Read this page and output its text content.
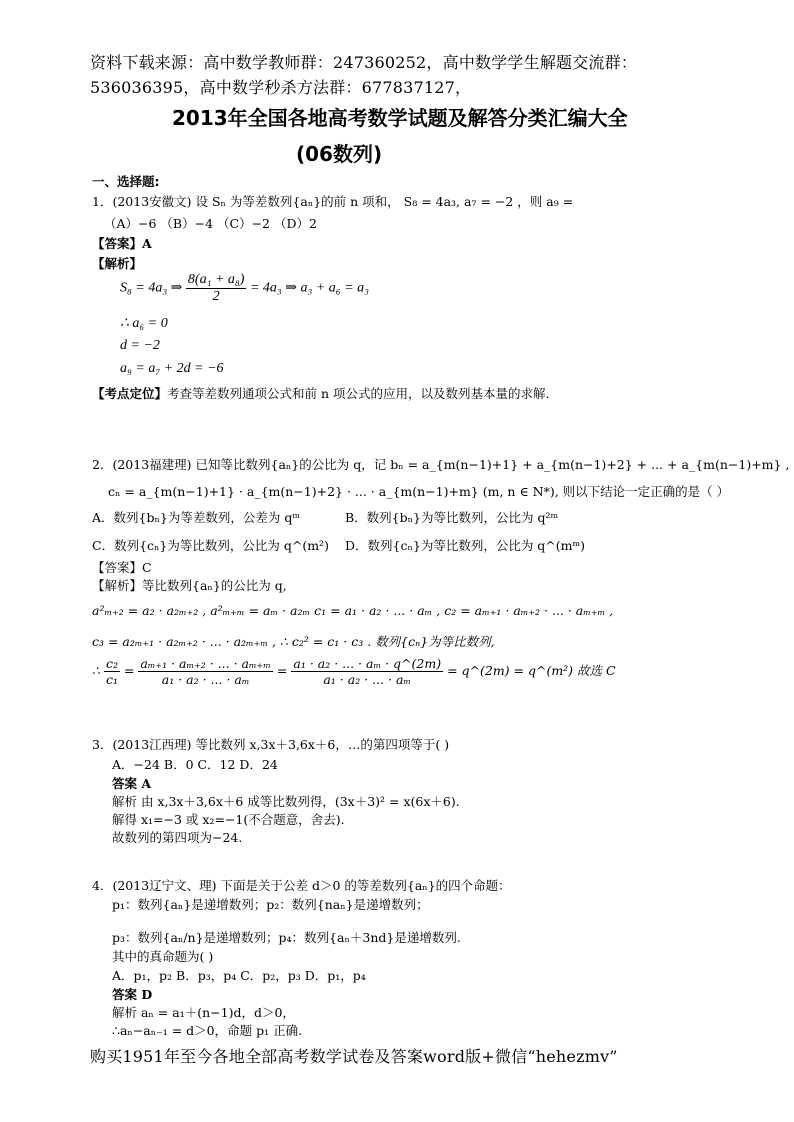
资料下载来源：高中数学教师群：247360252，高中数学学生解题交流群：
536036395，高中数学秒杀方法群：677837127，
2013年全国各地高考数学试题及解答分类汇编大全
(06数列)
一、选择题:
1．(2013安徽文) 设 Sₙ 为等差数列{aₙ}的前 n 项和， S₈ = 4a₃, a₇ = −2 ，则 a₉ =
（A）−6 （B）−4 （C）−2 （D）2
【答案】A
【解析】
S₈ = 4a₃ ⇒ $\frac{\text{8(a₁ + a₈)}}{2} = 4a_3$ ⇒ a₃ + a₆ = a₃
∴ a₆ = 0
d = −2
a₉ = a₇ + 2d = −6
【考点定位】考查等差数列通项公式和前 n 项公式的应用，以及数列基本量的求解.
2．(2013福建理) 已知等比数列{aₙ}的公比为 q，记 bₙ = a_{m(n−1)+1} + a_{m(n−1)+2} + ... + a_{m(n−1)+m} ,
cₙ = a_{m(n−1)+1} · a_{m(n−1)+2} · ... · a_{m(n−1)+m} (m, n ∈ N*), 则以下结论一定正确的是（ ）
A．数列{bₙ}为等差数列，公差为 qᵐ	B．数列{bₙ}为等比数列，公比为 q²ᵐ
C．数列{cₙ}为等比数列，公比为 q^(m²) D．数列{cₙ}为等比数列，公比为 q^(mᵐ)
【答案】C
【解析】等比数列{aₙ}的公比为 q,
a²ₘ₊₂ = a₂ · a₂ₘ₊₂ , a²ₘ₊ₘ = aₘ · a₂ₘ c₁ = a₁ · a₂ · ... · aₘ , c₂ = aₘ₊₁ · aₘ₊₂ · ... · aₘ₊ₘ ,
c₃ = a₂ₘ₊₁ · a₂ₘ₊₂ · ... · a₂ₘ₊ₘ , ∴ c₂² = c₁ · c₃ . 数列{cₙ}为等比数列,
∴ $\frac{\text{c₂}}{\text{c₁}} = \frac{\text{aₘ₊₁ · aₘ₊₂ · ... · aₘ₊ₘ}}{\text{a₁ · a₂ · ... · aₘ}} = \frac{\text{a₁ · a₂ · ... · aₘ · q\textasciicircum{}(2m)}}{\text{a₁ · a₂ · ... · aₘ}}$ = q^(2m) = q^(m²) 故选 C
3．(2013江西理) 等比数列 x,3x＋3,6x＋6，…的第四项等于( )
A．−24 B．0 C．12 D．24
答案 A
解析 由 x,3x＋3,6x＋6 成等比数列得，(3x＋3)² = x(6x＋6).
解得 x₁=−3 或 x₂=−1(不合题意，舍去).
故数列的第四项为−24.
4．(2013辽宁文、理) 下面是关于公差 d＞0 的等差数列{aₙ}的四个命题：
p₁：数列{aₙ}是递增数列；p₂：数列{naₙ}是递增数列；
p₃：数列{aₙ/n}是递增数列；p₄：数列{aₙ＋3nd}是递增数列.
其中的真命题为( )
A．p₁，p₂ B．p₃，p₄ C．p₂，p₃ D．p₁，p₄
答案 D
解析 aₙ = a₁＋(n−1)d，d＞0，
∴aₙ−aₙ₋₁ = d＞0，命题 p₁ 正确.
购买1951年至今各地全部高考数学试卷及答案word版+微信“hehezmv”
